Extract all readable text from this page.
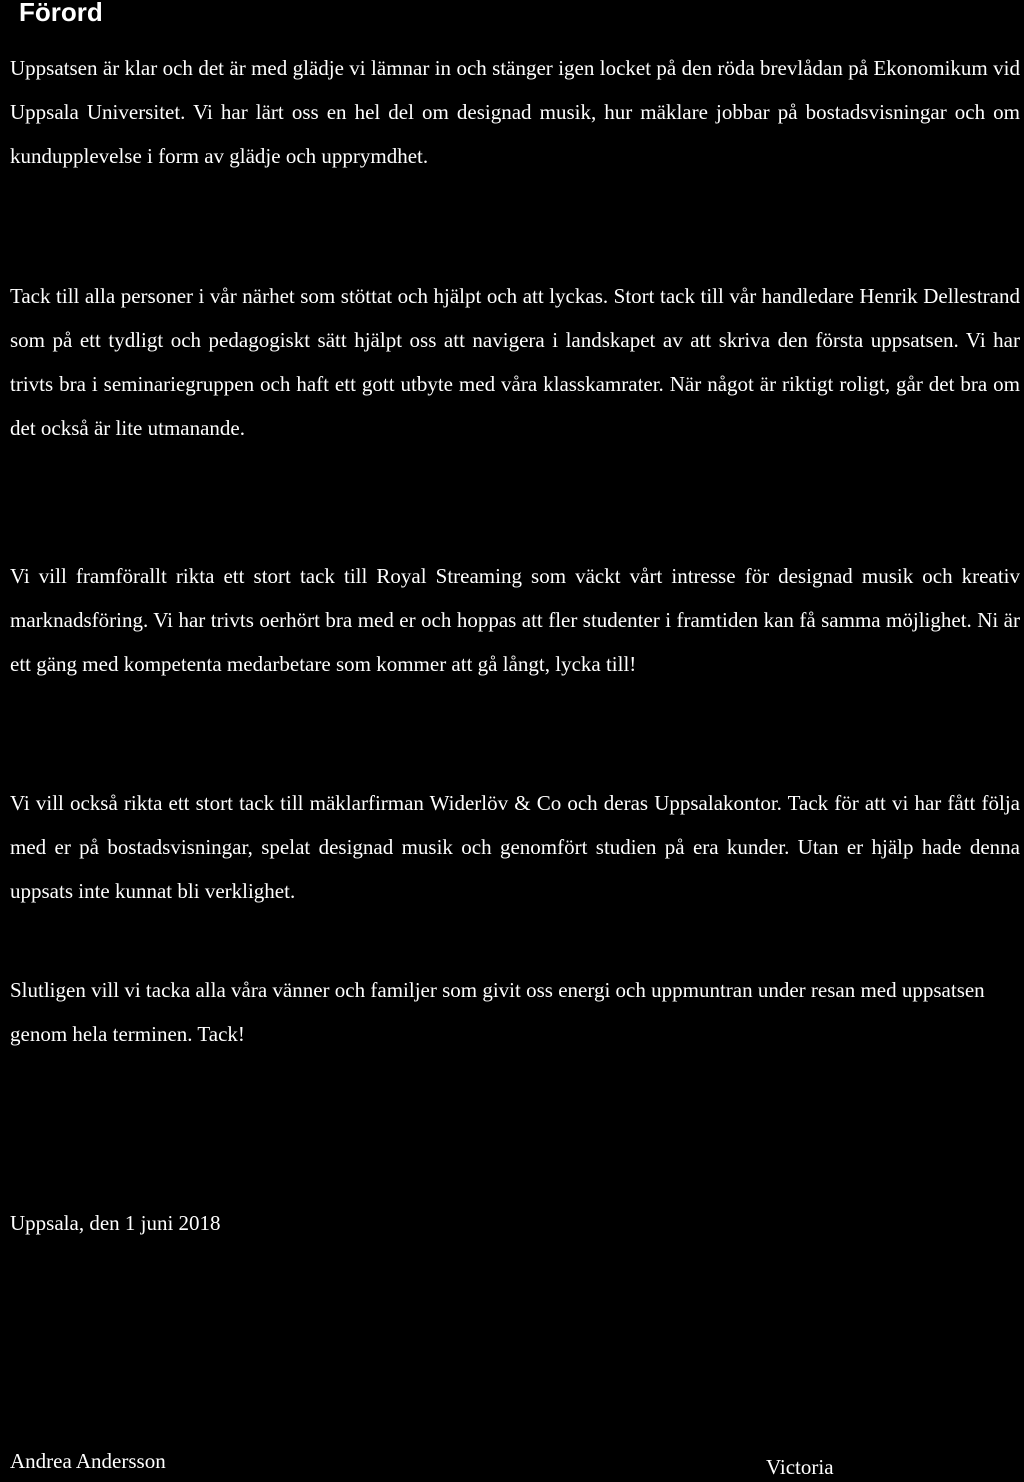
Förord

Uppsatsen är klar och det är med glädje vi lämnar in och stänger igen locket på den röda brevlådan på Ekonomikum vid Uppsala Universitet. Vi har lärt oss en hel del om designad musik, hur mäklare jobbar på bostadsvisningar och om kundupplevelse i form av glädje och upprymdhet.

Tack till alla personer i vår närhet som stöttat och hjälpt och att lyckas. Stort tack till vår handledare Henrik Dellestrand som på ett tydligt och pedagogiskt sätt hjälpt oss att navigera i landskapet av att skriva den första uppsatsen. Vi har trivts bra i seminariegruppen och haft ett gott utbyte med våra klasskamrater. När något är riktigt roligt, går det bra om det också är lite utmanande.

Vi vill framförallt rikta ett stort tack till Royal Streaming som väckt vårt intresse för designad musik och kreativ marknadsföring. Vi har trivts oerhört bra med er och hoppas att fler studenter i framtiden kan få samma möjlighet. Ni är ett gäng med kompetenta medarbetare som kommer att gå långt, lycka till!

Vi vill också rikta ett stort tack till mäklarfirman Widerlöv & Co och deras Uppsalakontor. Tack för att vi har fått följa med er på bostadsvisningar, spelat designad musik och genomfört studien på era kunder. Utan er hjälp hade denna uppsats inte kunnat bli verklighet.

Slutligen vill vi tacka alla våra vänner och familjer som givit oss energi och uppmuntran under resan med uppsatsen genom hela terminen. Tack!

Uppsala, den 1 juni 2018

Andrea Andersson	Victoria
